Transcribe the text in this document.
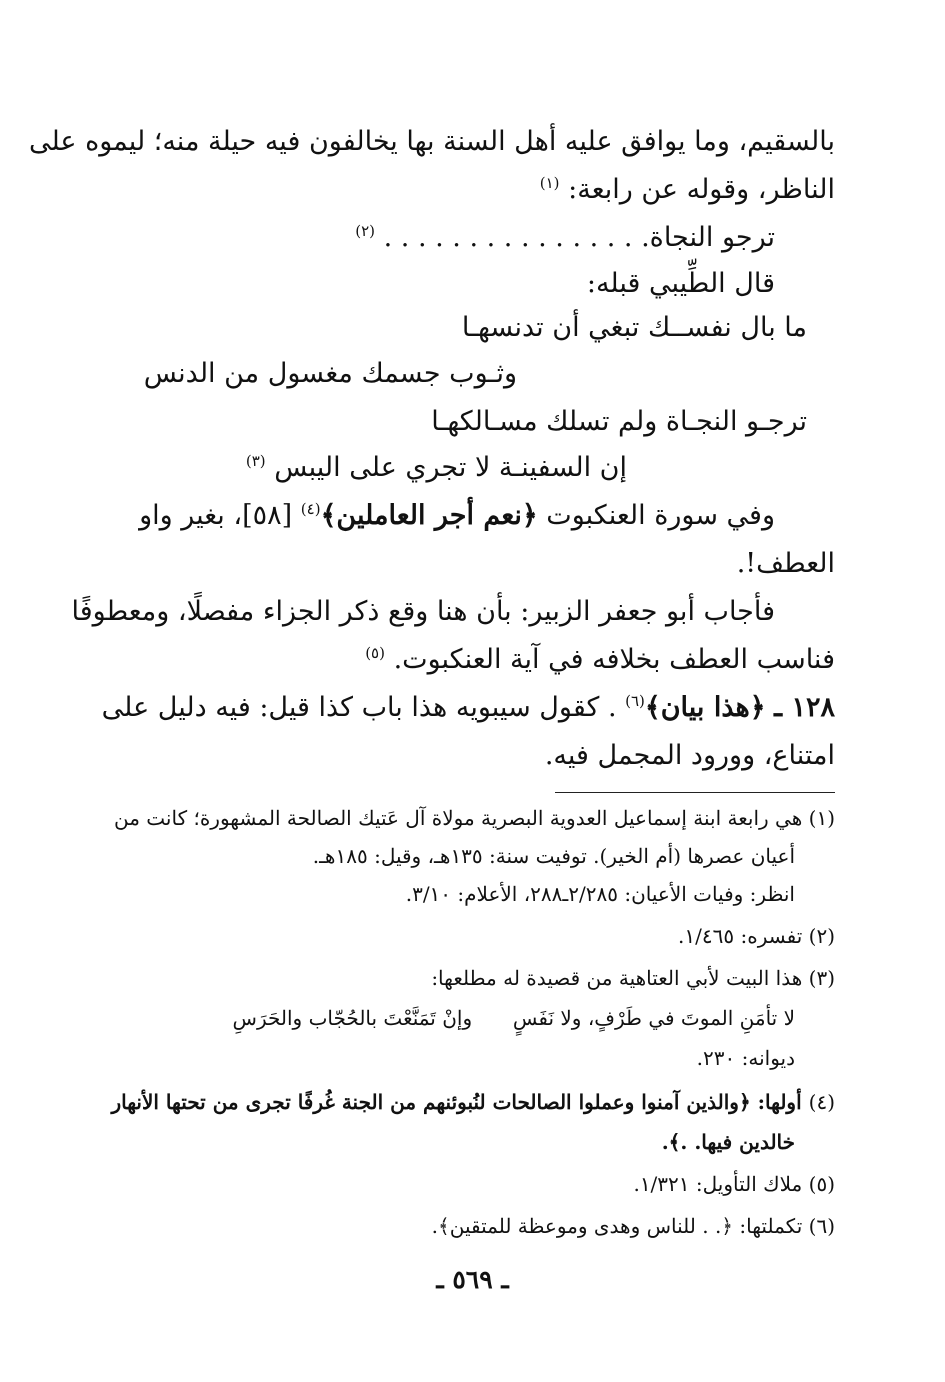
بالسقيم، وما يوافق عليه أهل السنة بها يخالفون فيه حيلة منه؛ ليموه على
الناظر، وقوله عن رابعة: $^{(١)}$
ترجو النجاة. . . . . . . . . . . . . . . . $^{(٢)}$
قال الطِّيبي قبله:
ما بال نفســك تبغي أن تدنسهـا
وثـوب جسمك مغسول من الدنس
ترجـو النجـاة ولم تسلك مسـالكهـا
إن السفينـة لا تجري على اليبس $^{(٣)}$
وفي سورة العنكبوت ﴿نعم أجر العاملين﴾$^{(٤)}$ [٥٨]، بغير واو
العطف!.
فأجاب أبو جعفر الزبير: بأن هنا وقع ذكر الجزاء مفصلًا، ومعطوفًا
فناسب العطف بخلافه في آية العنكبوت. $^{(٥)}$
١٢٨ ـ ﴿هذا بيان﴾$^{(٦)}$ . كقول سيبويه هذا باب كذا قيل: فيه دليل على
امتناع، وورود المجمل فيه.
(١) هي رابعة ابنة إسماعيل العدوية البصرية مولاة آل عَتيك الصالحة المشهورة؛ كانت من
أعيان عصرها (أم الخير). توفيت سنة: ١٣٥هـ، وقيل: ١٨٥هـ.
انظر: وفيات الأعيان: ٢/٢٨٥ـ٢٨٨، الأعلام: ٣/١٠.
(٢) تفسره: ١/٤٦٥.
(٣) هذا البيت لأبي العتاهية من قصيدة له مطلعها:
لا تأمَنِ الموتَ في طَرْفٍ، ولا نَفَسٍ  وإنْ تَمَنَّعْتَ بالحُجّاب والحَرَسِ
ديوانه: ٢٣٠.
(٤) أولها: ﴿والذين آمنوا وعملوا الصالحات لنُبوئنهم من الجنة غُرفًا تجرى من تحتها الأنهار
خالدين فيها. .﴾.
(٥) ملاك التأويل: ١/٣٢١.
(٦) تكملتها: ﴿. . للناس وهدى وموعظة للمتقين﴾.
ـ ٥٦٩ ـ
